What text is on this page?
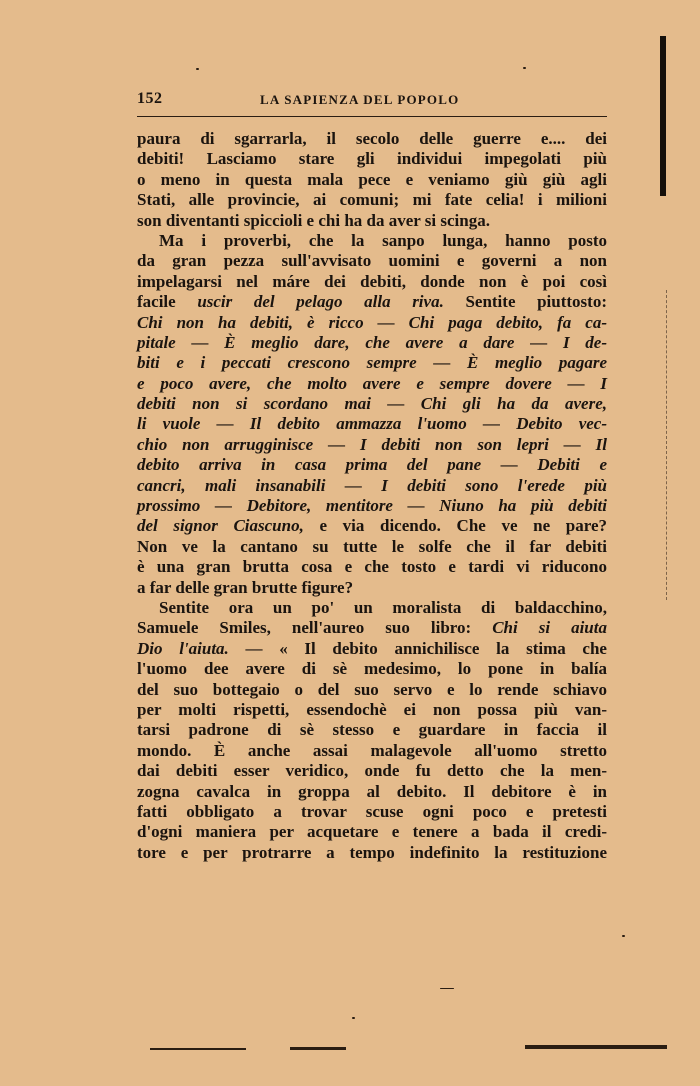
152	LA SAPIENZA DEL POPOLO
paura di sgarrarla, il secolo delle guerre e.... dei
debiti! Lasciamo stare gli individui impegolati più
o meno in questa mala pece e veniamo giù giù agli
Stati, alle provincie, ai comuni; mi fate celia! i milioni
son diventanti spiccioli e chi ha da aver si scinga.
Ma i proverbi, che la sanpo lunga, hanno posto
da gran pezza sull'avvisato uomini e governi a non
impelagarsi nel máre dei debiti, donde non è poi così
facile uscir del pelago alla riva. Sentite piuttosto:
Chi non ha debiti, è ricco — Chi paga debito, fa ca-
pitale — È meglio dare, che avere a dare — I de-
biti e i peccati crescono sempre — È meglio pagare
e poco avere, che molto avere e sempre dovere — I
debiti non si scordano mai — Chi gli ha da avere,
li vuole — Il debito ammazza l'uomo — Debito vec-
chio non arrugginisce — I debiti non son lepri — Il
debito arriva in casa prima del pane — Debiti e
cancri, mali insanabili — I debiti sono l'erede più
prossimo — Debitore, mentitore — Niuno ha più debiti
del signor Ciascuno, e via dicendo. Che ve ne pare?
Non ve la cantano su tutte le solfe che il far debiti
è una gran brutta cosa e che tosto e tardi vi riducono
a far delle gran brutte figure?
Sentite ora un po' un moralista di baldacchino,
Samuele Smiles, nell'aureo suo libro: Chi si aiuta
Dio l'aiuta. — « Il debito annichilisce la stima che
l'uomo dee avere di sè medesimo, lo pone in balía
del suo bottegaio o del suo servo e lo rende schiavo
per molti rispetti, essendochè ei non possa più van-
tarsi padrone di sè stesso e guardare in faccia il
mondo. È anche assai malagevole all'uomo stretto
dai debiti esser veridico, onde fu detto che la men-
zogna cavalca in groppa al debito. Il debitore è in
fatti obbligato a trovar scuse ogni poco e pretesti
d'ogni maniera per acquetare e tenere a bada il credi-
tore e per protrarre a tempo indefinito la restituzione
